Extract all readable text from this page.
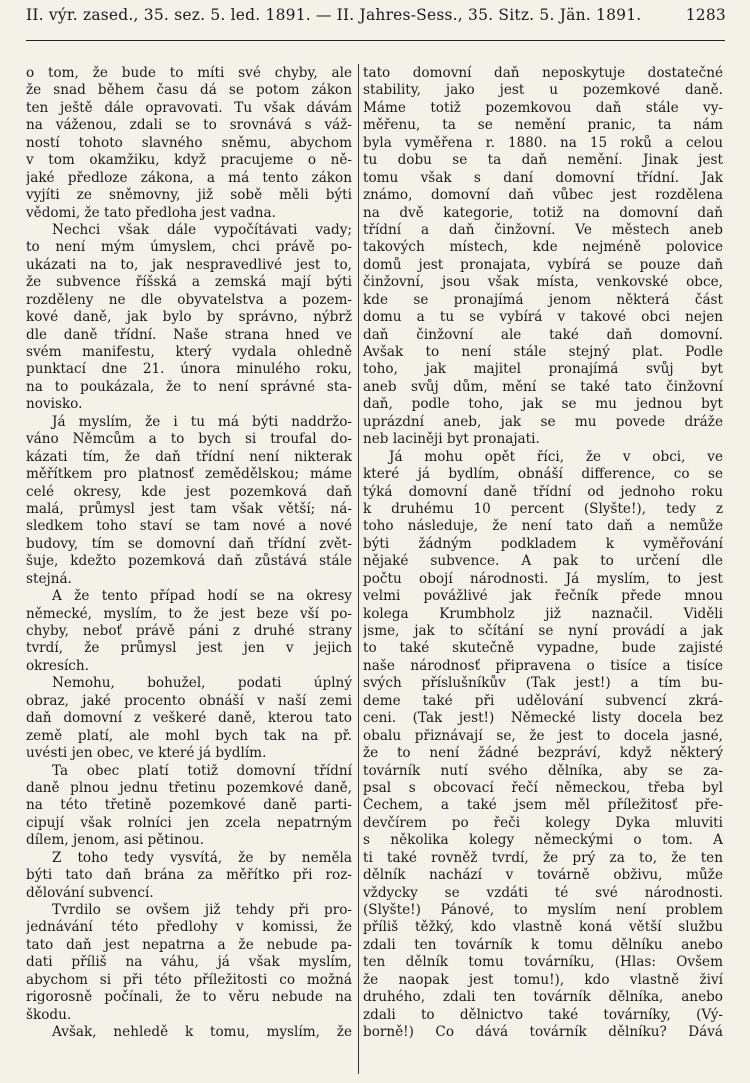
II. výr. zased., 35. sez. 5. led. 1891. — II. Jahres-Sess., 35. Sitz. 5. Jän. 1891.	1283
o tom, že bude to míti své chyby, ale
že snad během času dá se potom zákon
ten ještě dále opravovati. Tu však dávám
na váženou, zdali se to srovnává s váž-
ností tohoto slavného sněmu, abychom
v tom okamžiku, když pracujeme o ně-
jaké předloze zákona, a má tento zákon
vyjíti ze sněmovny, již sobě měli býti
vědomi, že tato předloha jest vadna.
Nechci však dále vypočítávati vady;
to není mým úmyslem, chci právě po-
ukázati na to, jak nespravedlivé jest to,
že subvence říšská a zemská mají býti
rozděleny ne dle obyvatelstva a pozem-
kové daně, jak bylo by správno, nýbrž
dle daně třídní. Naše strana hned ve
svém manifestu, který vydala ohledně
punktací dne 21. února minulého roku,
na to poukázala, že to není správné sta-
novisko.
Já myslím, že i tu má býti naddržo-
váno Němcům a to bych si troufal do-
kázati tím, že daň třídní není nikterak
měřítkem pro platnosť zemědělskou; máme
celé okresy, kde jest pozemková daň
malá, průmysl jest tam však větší; ná-
sledkem toho staví se tam nové a nové
budovy, tím se domovní daň třídní zvět-
šuje, kdežto pozemková daň zůstává stále
stejná.
A že tento případ hodí se na okresy
německé, myslím, to že jest beze vší po-
chyby, neboť právě páni z druhé strany
tvrdí, že průmysl jest jen v jejich
okresích.
Nemohu, bohužel, podati úplný
obraz, jaké procento obnáší v naší zemi
daň domovní z veškeré daně, kterou tato
země platí, ale mohl bych tak na př.
uvésti jen obec, ve které já bydlím.
Ta obec platí totiž domovní třídní
daně plnou jednu třetinu pozemkové daně,
na této třetině pozemkové daně parti-
cipují však rolníci jen zcela nepatrným
dílem, jenom, asi pětinou.
Z toho tedy vysvítá, že by neměla
býti tato daň brána za měřítko při roz-
dělování subvencí.
Tvrdilo se ovšem již tehdy při pro-
jednávání této předlohy v komissi, že
tato daň jest nepatrna a že nebude pa-
dati příliš na váhu, já však myslím,
abychom si při této příležitosti co možná
rigorosně počínali, že to věru nebude na
škodu.
Avšak, nehledě k tomu, myslím, že
tato domovní daň neposkytuje dostatečné
stability, jako jest u pozemkové daně.
Máme totiž pozemkovou daň stále vy-
měřenu, ta se nemění pranic, ta nám
byla vyměřena r. 1880. na 15 roků a celou
tu dobu se ta daň nemění. Jinak jest
tomu však s daní domovní třídní. Jak
známo, domovní daň vůbec jest rozdělena
na dvě kategorie, totiž na domovní daň
třídní a daň činžovní. Ve městech aneb
takových místech, kde nejméně polovice
domů jest pronajata, vybírá se pouze daň
činžovní, jsou však místa, venkovské obce,
kde se pronajímá jenom některá část
domu a tu se vybírá v takové obci nejen
daň činžovní ale také daň domovní.
Avšak to není stále stejný plat. Podle
toho, jak majitel pronajímá svůj byt
aneb svůj dům, mění se také tato činžovní
daň, podle toho, jak se mu jednou byt
uprázdní aneb, jak se mu povede dráže
neb laciněji byt pronajati.
Já mohu opět říci, že v obci, ve
které já bydlím, obnáší difference, co se
týká domovní daně třídní od jednoho roku
k druhému 10 percent (Slyšte!), tedy z
toho následuje, že není tato daň a nemůže
býti žádným podkladem k vyměřování
nějaké subvence. A pak to určení dle
počtu obojí národnosti. Já myslím, to jest
velmi povážlivé jak řečník přede mnou
kolega Krumbholz již naznačil. Viděli
jsme, jak to sčítání se nyní provádí a jak
to také skutečně vypadne, bude zajisté
naše národnosť připravena o tisíce a tisíce
svých příslušníkův (Tak jest!) a tím bu-
deme také při udělování subvencí zkrá-
ceni. (Tak jest!) Německé listy docela bez
obalu přiznávají se, že jest to docela jasné,
že to není žádné bezpráví, když některý
továrník nutí svého dělníka, aby se za-
psal s obcovací řečí německou, třeba byl
Čechem, a také jsem měl příležitosť pře-
devčírem po řeči kolegy Dyka mluviti
s několika kolegy německými o tom. A
ti také rovněž tvrdí, že prý za to, že ten
dělník nachází v továrně obživu, může
vždycky se vzdáti té své národnosti.
(Slyšte!) Pánové, to myslím není problem
příliš těžký, kdo vlastně koná větší službu
zdali ten továrník k tomu dělníku anebo
ten dělník tomu továrníku, (Hlas: Ovšem
že naopak jest tomu!), kdo vlastně živí
druhého, zdali ten továrník dělníka, anebo
zdali to dělnictvo také továrníky, (Vý-
borně!) Co dává továrník dělníku? Dává
